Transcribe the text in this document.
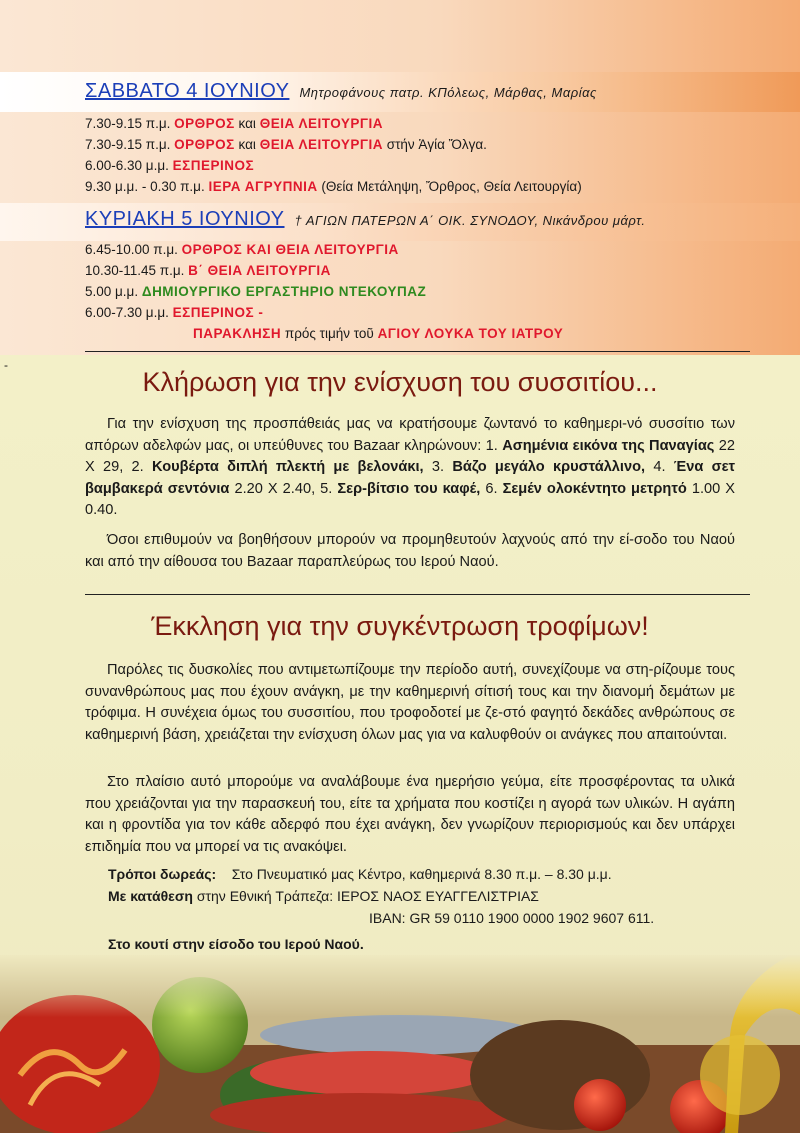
ΣΑΒΒΑΤΟ 4 ΙΟΥΝΙΟΥ Μητροφάνους πατρ. ΚΠόλεως, Μάρθας, Μαρίας
7.30-9.15 π.μ. ΟΡΘΡΟΣ και ΘΕΙΑ ΛΕΙΤΟΥΡΓΙΑ
7.30-9.15 π.μ. ΟΡΘΡΟΣ και ΘΕΙΑ ΛΕΙΤΟΥΡΓΙΑ στήν Ἁγία Ὄλγα.
6.00-6.30 μ.μ. ΕΣΠΕΡΙΝΟΣ
9.30 μ.μ. - 0.30 π.μ. ΙΕΡΑ ΑΓΡΥΠΝΙΑ (Θεία Μετάληψη, Ὄρθρος, Θεία Λειτουργία)
ΚΥΡΙΑΚΗ 5 ΙΟΥΝΙΟΥ † ΑΓΙΩΝ ΠΑΤΕΡΩΝ Α΄ ΟΙΚ. ΣΥΝΟΔΟΥ, Νικάνδρου μάρτ.
6.45-10.00 π.μ. ΟΡΘΡΟΣ ΚΑΙ ΘΕΙΑ ΛΕΙΤΟΥΡΓΙΑ
10.30-11.45 π.μ. Β΄ ΘΕΙΑ ΛΕΙΤΟΥΡΓΙΑ
5.00 μ.μ. ΔΗΜΙΟΥΡΓΙΚΟ ΕΡΓΑΣΤΗΡΙΟ ΝΤΕΚΟΥΠΑΖ
6.00-7.30 μ.μ. ΕΣΠΕΡΙΝΟΣ -
ΠΑΡΑΚΛΗΣΗ πρός τιμήν τοῦ ΑΓΙΟΥ ΛΟΥΚΑ ΤΟΥ ΙΑΤΡΟΥ
-
Κλήρωση για την ενίσχυση του συσσιτίου...

Για την ενίσχυση της προσπάθειάς μας να κρατήσουμε ζωντανό το καθημερι-νό συσσίτιο των απόρων αδελφών μας, οι υπεύθυνες του Bazaar κληρώνουν: 1. Ασημένια εικόνα της Παναγίας 22 Χ 29, 2. Κουβέρτα διπλή πλεκτή με βελονάκι, 3. Βάζο μεγάλο κρυστάλλινο, 4. Ένα σετ βαμβακερά σεντόνια 2.20 Χ 2.40, 5. Σερ-βίτσιο του καφέ, 6. Σεμέν ολοκέντητο μετρητό 1.00 Χ 0.40.

Όσοι επιθυμούν να βοηθήσουν μπορούν να προμηθευτούν λαχνούς από την εί-σοδο του Ναού και από την αίθουσα του Bazaar παραπλεύρως του Ιερού Ναού.

Έκκληση για την συγκέντρωση τροφίμων!

Παρόλες τις δυσκολίες που αντιμετωπίζουμε την περίοδο αυτή, συνεχίζουμε να στη-ρίζουμε τους συνανθρώπους μας που έχουν ανάγκη, με την καθημερινή σίτισή τους και την διανομή δεμάτων με τρόφιμα. Η συνέχεια όμως του συσσιτίου, που τροφοδοτεί με ζε-στό φαγητό δεκάδες ανθρώπους σε καθημερινή βάση, χρειάζεται την ενίσχυση όλων μας για να καλυφθούν οι ανάγκες που απαιτούνται.

Στο πλαίσιο αυτό μπορούμε να αναλάβουμε ένα ημερήσιο γεύμα, είτε προσφέροντας τα υλικά που χρειάζονται για την παρασκευή του, είτε τα χρήματα που κοστίζει η αγορά των υλικών. Η αγάπη και η φροντίδα για τον κάθε αδερφό που έχει ανάγκη, δεν γνωρίζουν περιορισμούς και δεν υπάρχει επιδημία που να μπορεί να τις ανακόψει.

Τρόποι δωρεάς: Στο Πνευματικό μας Κέντρο, καθημερινά 8.30 π.μ. – 8.30 μ.μ.
Με κατάθεση στην Εθνική Τράπεζα: ΙΕΡΟΣ ΝΑΟΣ ΕΥΑΓΓΕΛΙΣΤΡΙΑΣ
IBAN: GR 59 0110 1900 0000 1902 9607 611.
Στο κουτί στην είσοδο του Ιερού Ναού.
